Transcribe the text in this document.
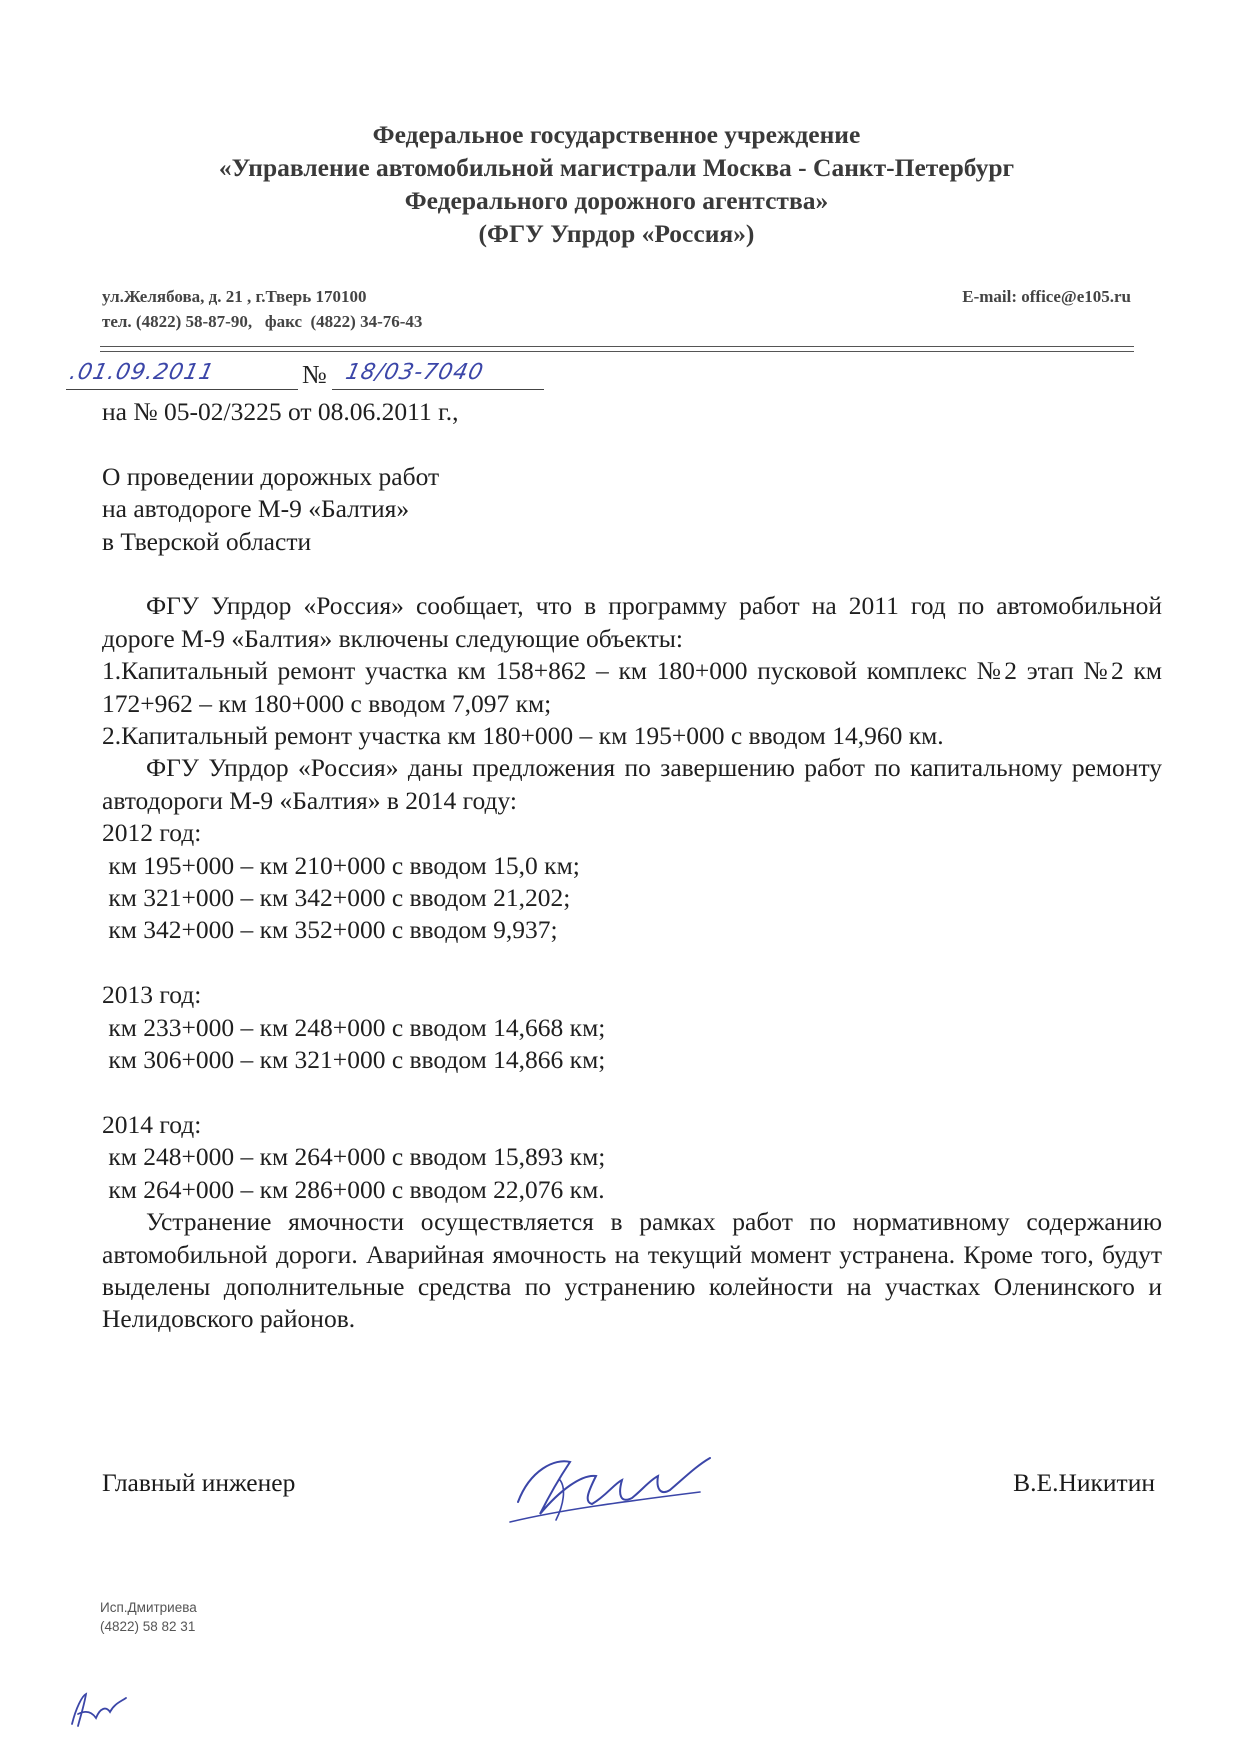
Федеральное государственное учреждение
«Управление автомобильной магистрали Москва - Санкт-Петербург
Федерального дорожного агентства»
(ФГУ Упрдор «Россия»)
ул.Желябова, д. 21 , г.Тверь 170100
тел. (4822) 58-87-90,   факс  (4822) 34-76-43
E-mail: office@e105.ru
.01.09.2011	№ 18/03-7040
на № 05-02/3225 от 08.06.2011 г.,
О проведении дорожных работ
на автодороге М-9 «Балтия»
в Тверской области
ФГУ Упрдор «Россия» сообщает, что в программу работ на 2011 год по автомобильной дороге М-9 «Балтия» включены следующие объекты:
1.Капитальный ремонт участка км 158+862 – км 180+000 пусковой комплекс №2 этап №2 км 172+962 – км 180+000 с вводом 7,097 км;
2.Капитальный ремонт участка км 180+000 – км 195+000 с вводом 14,960 км.
ФГУ Упрдор «Россия» даны предложения по завершению работ по капитальному ремонту автодороги М-9 «Балтия» в 2014 году:
2012 год:
км 195+000 – км 210+000 с вводом 15,0 км;
км 321+000 – км 342+000 с вводом 21,202;
км 342+000 – км 352+000 с вводом 9,937;
2013 год:
км 233+000 – км 248+000 с вводом 14,668 км;
км 306+000 – км 321+000 с вводом 14,866 км;
2014 год:
км 248+000 – км 264+000 с вводом 15,893 км;
км 264+000 – км 286+000 с вводом 22,076 км.
Устранение ямочности осуществляется в рамках работ по нормативному содержанию автомобильной дороги. Аварийная ямочность на текущий момент устранена. Кроме того, будут выделены дополнительные средства по устранению колейности на участках Оленинского и Нелидовского районов.
Главный инженер	В.Е.Никитин
Исп.Дмитриева
(4822) 58 82 31
